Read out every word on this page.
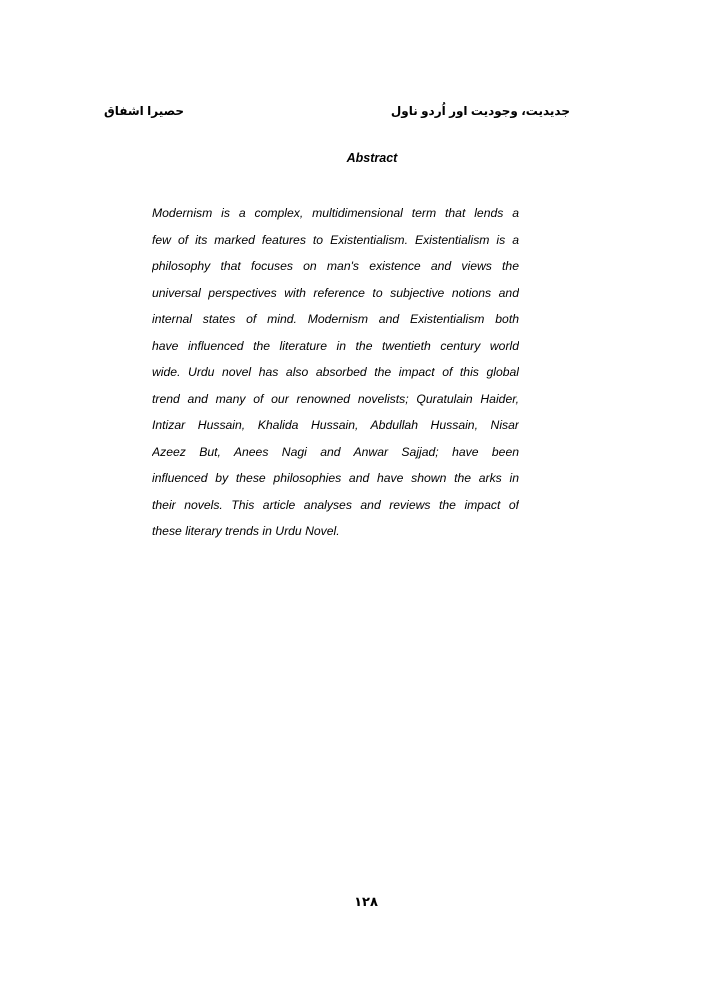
حصیرا اشفاق	جدیدیت، وجودیت اور اُردو ناول
Abstract
Modernism is a complex, multidimensional term that lends a
few of its marked features to Existentialism. Existentialism is a
philosophy that focuses on man's existence and views the
universal perspectives with reference to subjective notions and
internal states of mind. Modernism and Existentialism both
have influenced the literature in the twentieth century world
wide. Urdu novel has also absorbed the impact of this global
trend and many of our renowned novelists; Quratulain Haider,
Intizar Hussain, Khalida Hussain, Abdullah Hussain, Nisar
Azeez But, Anees Nagi and Anwar Sajjad; have been
influenced by these philosophies and have shown the arks in
their novels. This article analyses and reviews the impact of
these literary trends in Urdu Novel.
۱۲۸
